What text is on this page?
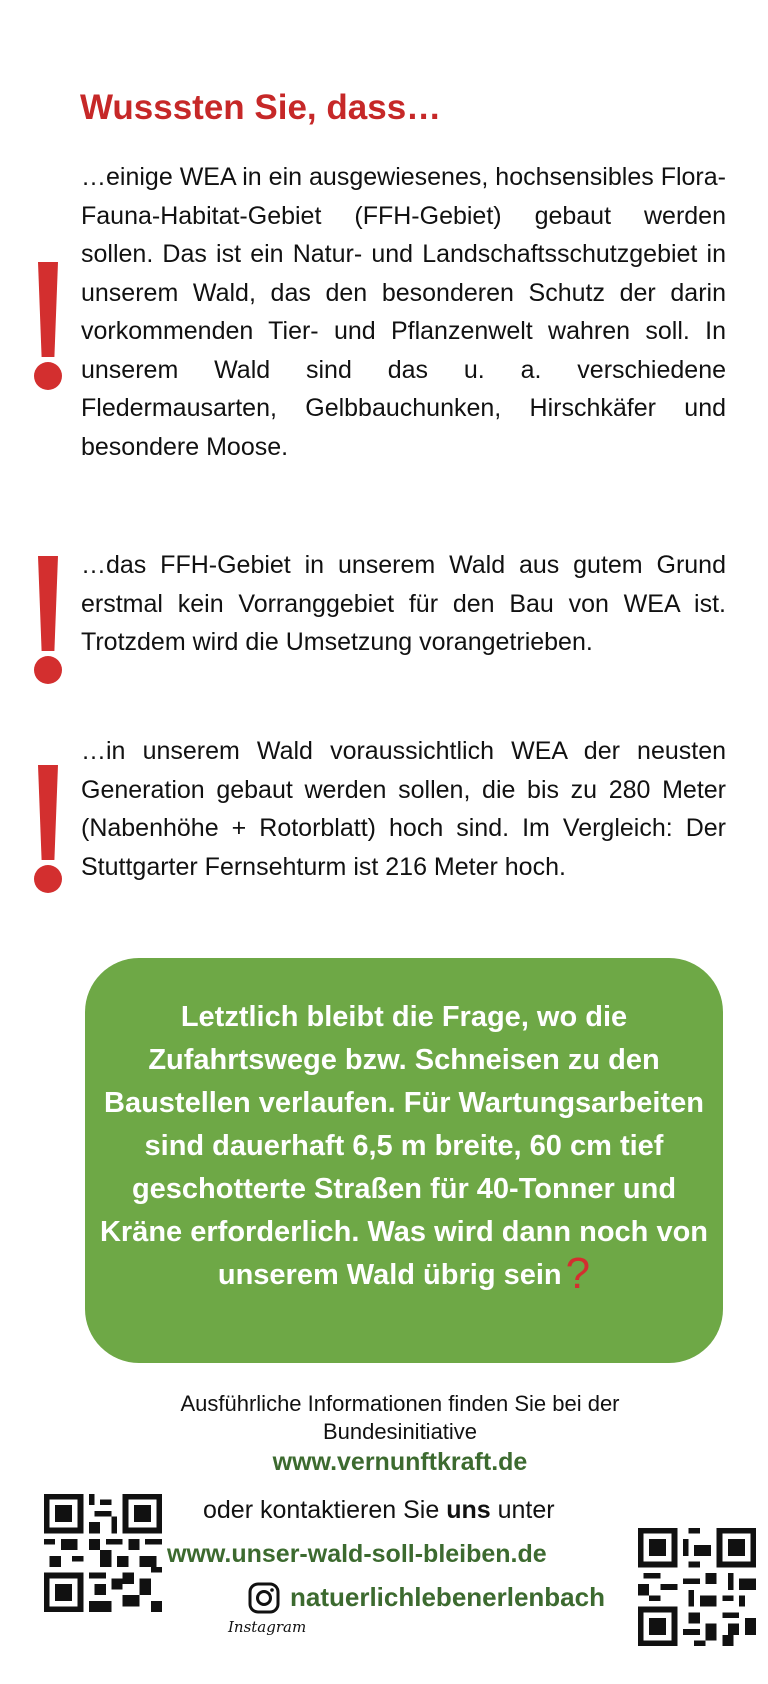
Wusssten Sie, dass…

…einige WEA in ein ausgewiesenes, hochsensibles Flora-Fauna-Habitat-Gebiet (FFH-Gebiet) gebaut werden sollen. Das ist ein Natur- und Landschaftsschutzgebiet in unserem Wald, das den besonderen Schutz der darin vorkommenden Tier- und Pflanzenwelt wahren soll. In unserem Wald sind das u. a. verschiedene Fledermausarten, Gelbbauchunken, Hirschkäfer und besondere Moose.

…das FFH-Gebiet in unserem Wald aus gutem Grund erstmal kein Vorranggebiet für den Bau von WEA ist. Trotzdem wird die Umsetzung vorangetrieben.

…in unserem Wald voraussichtlich WEA der neusten Generation gebaut werden sollen, die bis zu 280 Meter (Nabenhöhe + Rotorblatt) hoch sind. Im Vergleich: Der Stuttgarter Fernsehturm ist 216 Meter hoch.

Letztlich bleibt die Frage, wo die Zufahrtswege bzw. Schneisen zu den Baustellen verlaufen. Für Wartungsarbeiten sind dauerhaft 6,5 m breite, 60 cm tief geschotterte Straßen für 40-Tonner und Kräne erforderlich. Was wird dann noch von unserem Wald übrig sein?

Ausführliche Informationen finden Sie bei der Bundesinitiative

www.vernunftkraft.de
oder kontaktieren Sie uns unter
www.unser-wald-soll-bleiben.de
natuerlichlebenerlenbach
Instagram
